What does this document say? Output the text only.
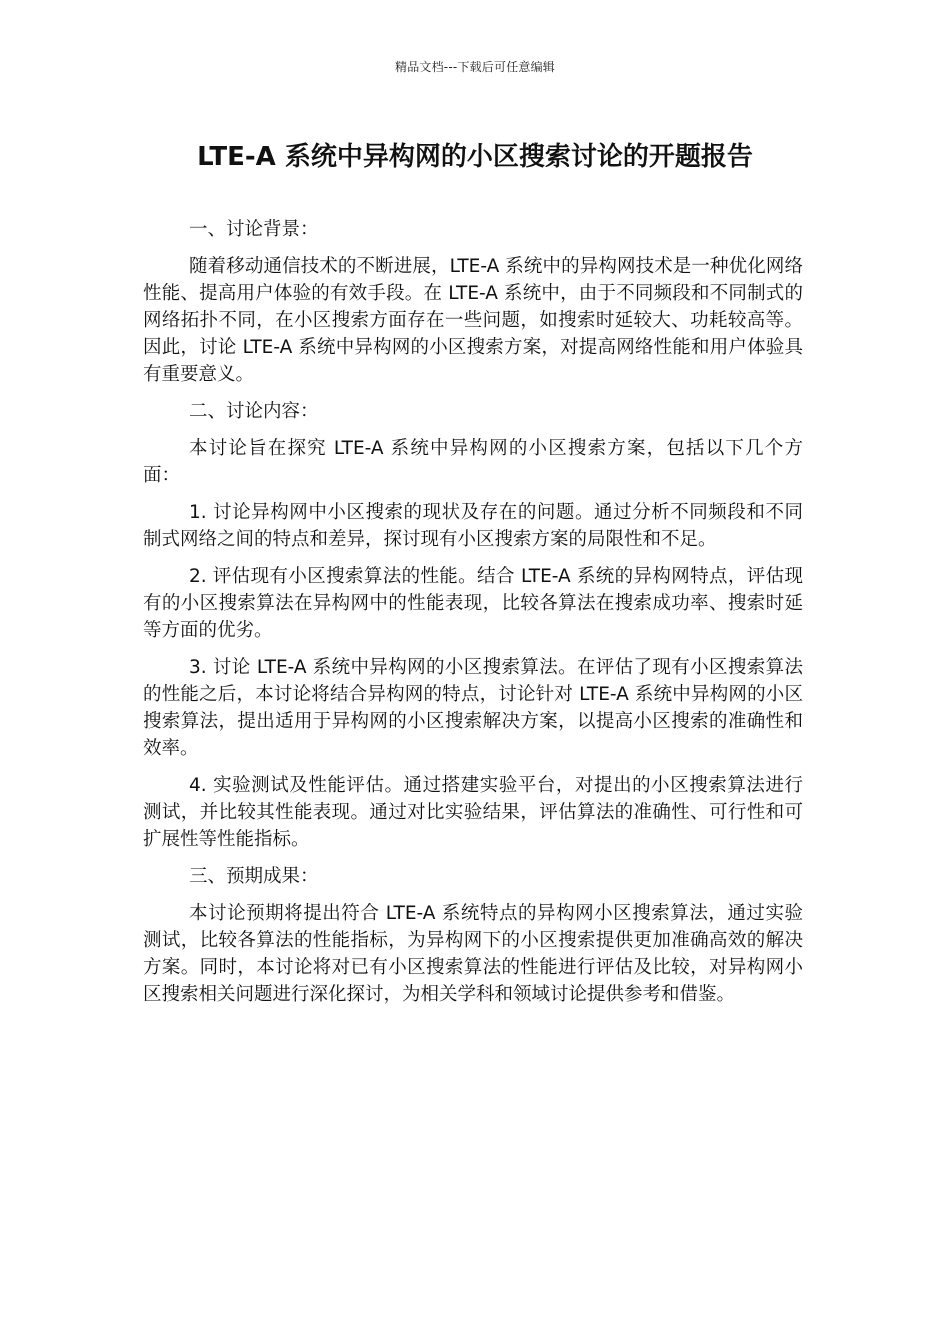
精品文档---下载后可任意编辑
LTE-A 系统中异构网的小区搜索讨论的开题报告

一、讨论背景：

随着移动通信技术的不断进展，LTE-A 系统中的异构网技术是一种优化网络性能、提高用户体验的有效手段。在 LTE-A 系统中，由于不同频段和不同制式的网络拓扑不同，在小区搜索方面存在一些问题，如搜索时延较大、功耗较高等。因此，讨论 LTE-A 系统中异构网的小区搜索方案，对提高网络性能和用户体验具有重要意义。

二、讨论内容：

本讨论旨在探究 LTE-A 系统中异构网的小区搜索方案，包括以下几个方面：

1. 讨论异构网中小区搜索的现状及存在的问题。通过分析不同频段和不同制式网络之间的特点和差异，探讨现有小区搜索方案的局限性和不足。

2. 评估现有小区搜索算法的性能。结合 LTE-A 系统的异构网特点，评估现有的小区搜索算法在异构网中的性能表现，比较各算法在搜索成功率、搜索时延等方面的优劣。

3. 讨论 LTE-A 系统中异构网的小区搜索算法。在评估了现有小区搜索算法的性能之后，本讨论将结合异构网的特点，讨论针对 LTE-A 系统中异构网的小区搜索算法，提出适用于异构网的小区搜索解决方案，以提高小区搜索的准确性和效率。

4. 实验测试及性能评估。通过搭建实验平台，对提出的小区搜索算法进行测试，并比较其性能表现。通过对比实验结果，评估算法的准确性、可行性和可扩展性等性能指标。

三、预期成果：

本讨论预期将提出符合 LTE-A 系统特点的异构网小区搜索算法，通过实验测试，比较各算法的性能指标，为异构网下的小区搜索提供更加准确高效的解决方案。同时，本讨论将对已有小区搜索算法的性能进行评估及比较，对异构网小区搜索相关问题进行深化探讨，为相关学科和领域讨论提供参考和借鉴。
